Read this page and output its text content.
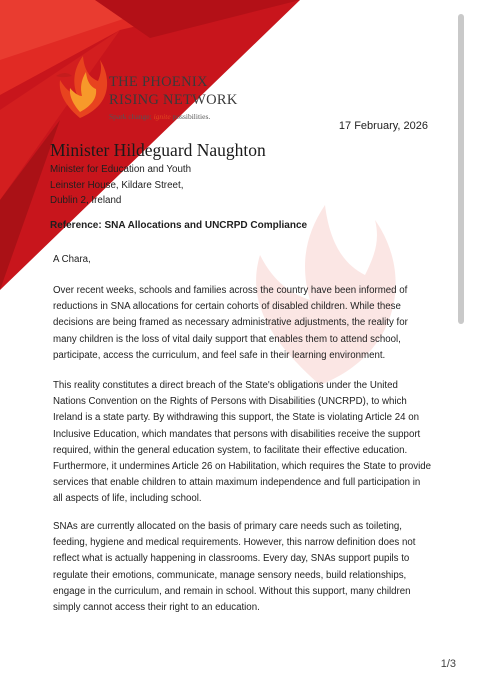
THE PHOENIX
RISING NETWORK
Spark change; ignite possibilities.
17 February, 2026
Minister Hildeguard Naughton
Minister for Education and Youth
Leinster House, Kildare Street,
Dublin 2, Ireland
Reference: SNA Allocations and UNCRPD Compliance
A Chara,
Over recent weeks, schools and families across the country have been informed of reductions in SNA allocations for certain cohorts of disabled children. While these decisions are being framed as necessary administrative adjustments, the reality for many children is the loss of vital daily support that enables them to attend school, participate, access the curriculum, and feel safe in their learning environment.
This reality constitutes a direct breach of the State's obligations under the United Nations Convention on the Rights of Persons with Disabilities (UNCRPD), to which Ireland is a state party. By withdrawing this support, the State is violating Article 24 on Inclusive Education, which mandates that persons with disabilities receive the support required, within the general education system, to facilitate their effective education. Furthermore, it undermines Article 26 on Habilitation, which requires the State to provide services that enable children to attain maximum independence and full participation in all aspects of life, including school.
SNAs are currently allocated on the basis of primary care needs such as toileting, feeding, hygiene and medical requirements. However, this narrow definition does not reflect what is actually happening in classrooms. Every day, SNAs support pupils to regulate their emotions, communicate, manage sensory needs, build relationships, engage in the curriculum, and remain in school. Without this support, many children simply cannot access their right to an education.
1/3
